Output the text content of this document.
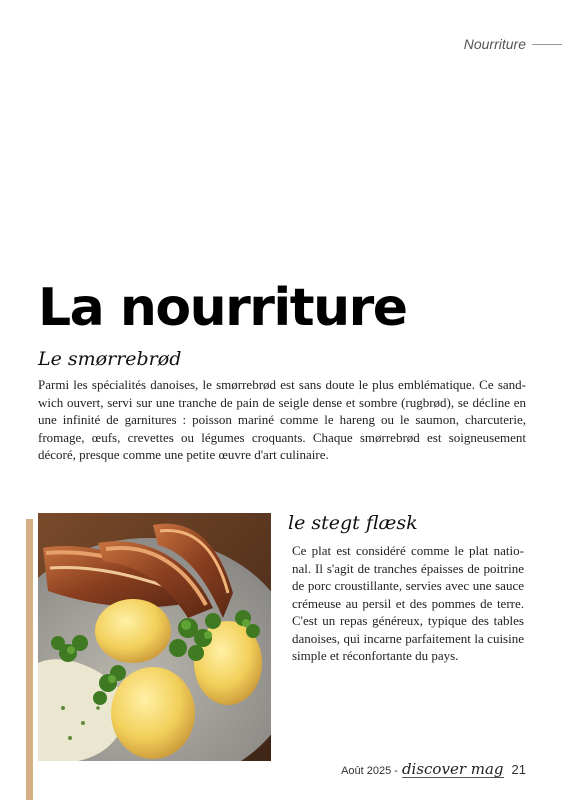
Nourriture
La nourriture
Le smørrebrød

Parmi les spécialités danoises, le smørrebrød est sans doute le plus emblématique. Ce sandwich ouvert, servi sur une tranche de pain de seigle dense et sombre (rugbrød), se décline en une infinité de garnitures : poisson mariné comme le hareng ou le saumon, charcuterie, fromage, œufs, crevettes ou légumes croquants. Chaque smørrebrød est soigneusement décoré, presque comme une petite œuvre d'art culinaire.

le stegt flæsk

Ce plat est considéré comme le plat national. Il s'agit de tranches épaisses de poitrine de porc croustillante, servies avec une sauce crémeuse au persil et des pommes de terre. C'est un repas généreux, typique des tables danoises, qui incarne parfaitement la cuisine simple et réconfortante du pays.

Août 2025 - discover mag 21
